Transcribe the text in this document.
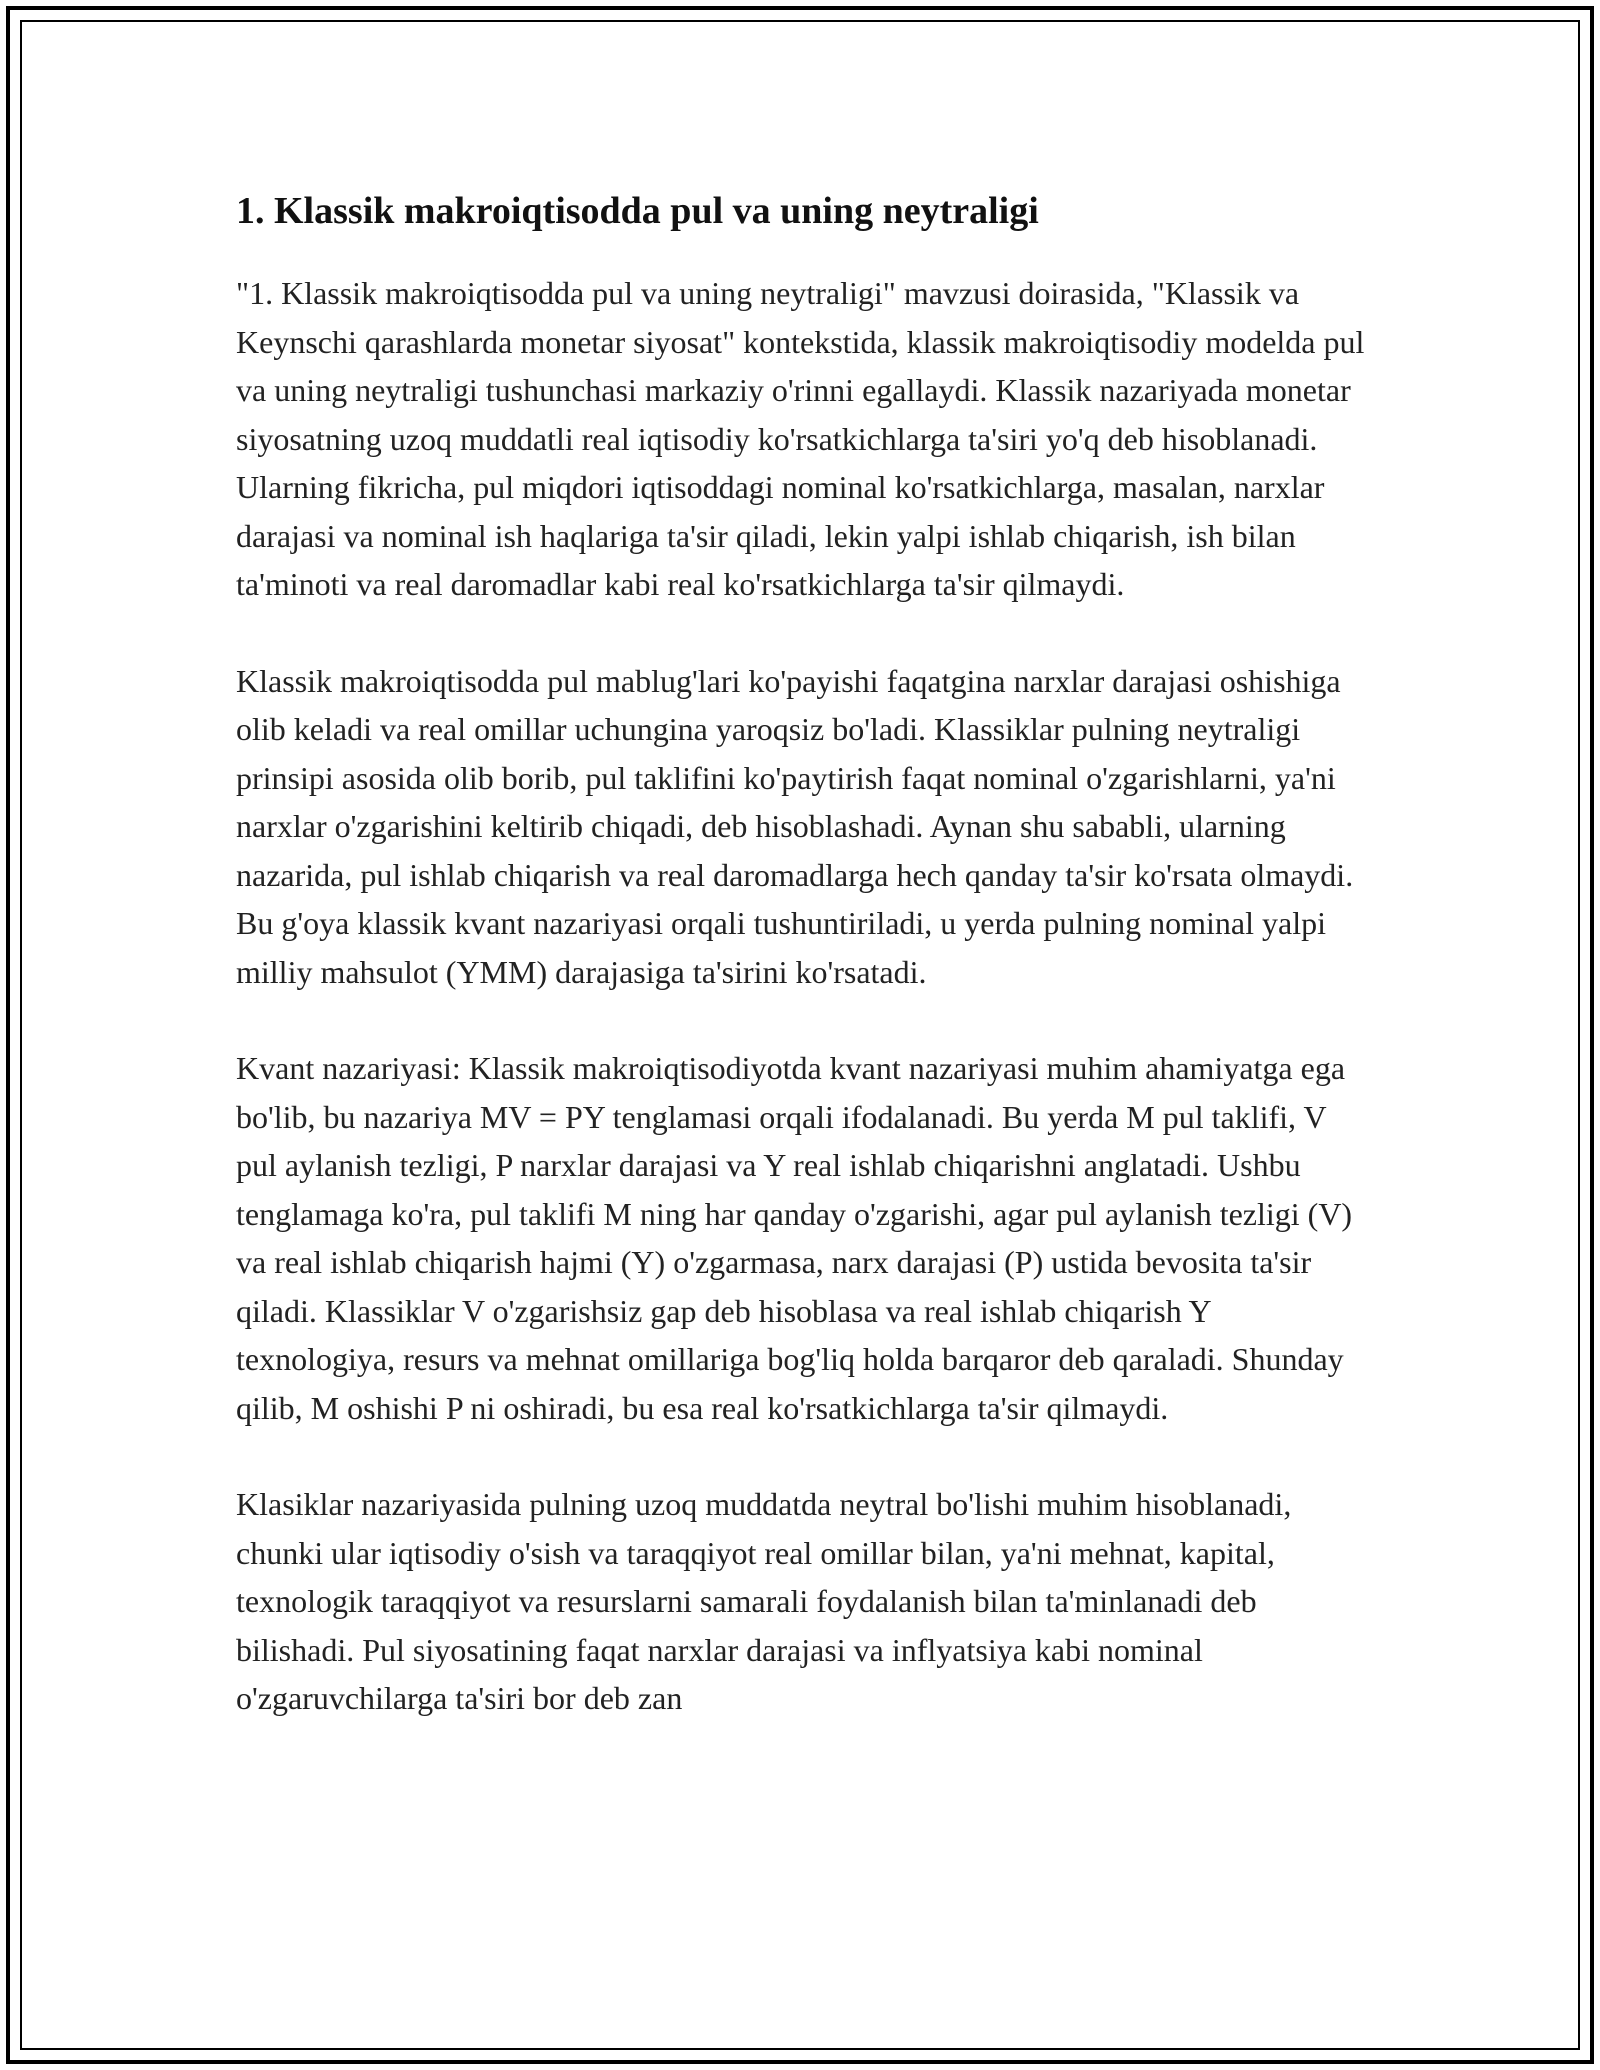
1. Klassik makroiqtisodda pul va uning neytraligi

"1. Klassik makroiqtisodda pul va uning neytraligi" mavzusi doirasida, "Klassik va Keynschi qarashlarda monetar siyosat" kontekstida, klassik makroiqtisodiy modelda pul va uning neytraligi tushunchasi markaziy o'rinni egallaydi. Klassik nazariyada monetar siyosatning uzoq muddatli real iqtisodiy ko'rsatkichlarga ta'siri yo'q deb hisoblanadi. Ularning fikricha, pul miqdori iqtisoddagi nominal ko'rsatkichlarga, masalan, narxlar darajasi va nominal ish haqlariga ta'sir qiladi, lekin yalpi ishlab chiqarish, ish bilan ta'minoti va real daromadlar kabi real ko'rsatkichlarga ta'sir qilmaydi.

Klassik makroiqtisodda pul mablug'lari ko'payishi faqatgina narxlar darajasi oshishiga olib keladi va real omillar uchungina yaroqsiz bo'ladi. Klassiklar pulning neytraligi prinsipi asosida olib borib, pul taklifini ko'paytirish faqat nominal o'zgarishlarni, ya'ni narxlar o'zgarishini keltirib chiqadi, deb hisoblashadi. Aynan shu sababli, ularning nazarida, pul ishlab chiqarish va real daromadlarga hech qanday ta'sir ko'rsata olmaydi. Bu g'oya klassik kvant nazariyasi orqali tushuntiriladi, u yerda pulning nominal yalpi milliy mahsulot (YMM) darajasiga ta'sirini ko'rsatadi.

Kvant nazariyasi: Klassik makroiqtisodiyotda kvant nazariyasi muhim ahamiyatga ega bo'lib, bu nazariya MV = PY tenglamasi orqali ifodalanadi. Bu yerda M pul taklifi, V pul aylanish tezligi, P narxlar darajasi va Y real ishlab chiqarishni anglatadi. Ushbu tenglamaga ko'ra, pul taklifi M ning har qanday o'zgarishi, agar pul aylanish tezligi (V) va real ishlab chiqarish hajmi (Y) o'zgarmasa, narx darajasi (P) ustida bevosita ta'sir qiladi. Klassiklar V o'zgarishsiz gap deb hisoblasa va real ishlab chiqarish Y texnologiya, resurs va mehnat omillariga bog'liq holda barqaror deb qaraladi. Shunday qilib, M oshishi P ni oshiradi, bu esa real ko'rsatkichlarga ta'sir qilmaydi.

Klasiklar nazariyasida pulning uzoq muddatda neytral bo'lishi muhim hisoblanadi, chunki ular iqtisodiy o'sish va taraqqiyot real omillar bilan, ya'ni mehnat, kapital, texnologik taraqqiyot va resurslarni samarali foydalanish bilan ta'minlanadi deb bilishadi. Pul siyosatining faqat narxlar darajasi va inflyatsiya kabi nominal o'zgaruvchilarga ta'siri bor deb zan
